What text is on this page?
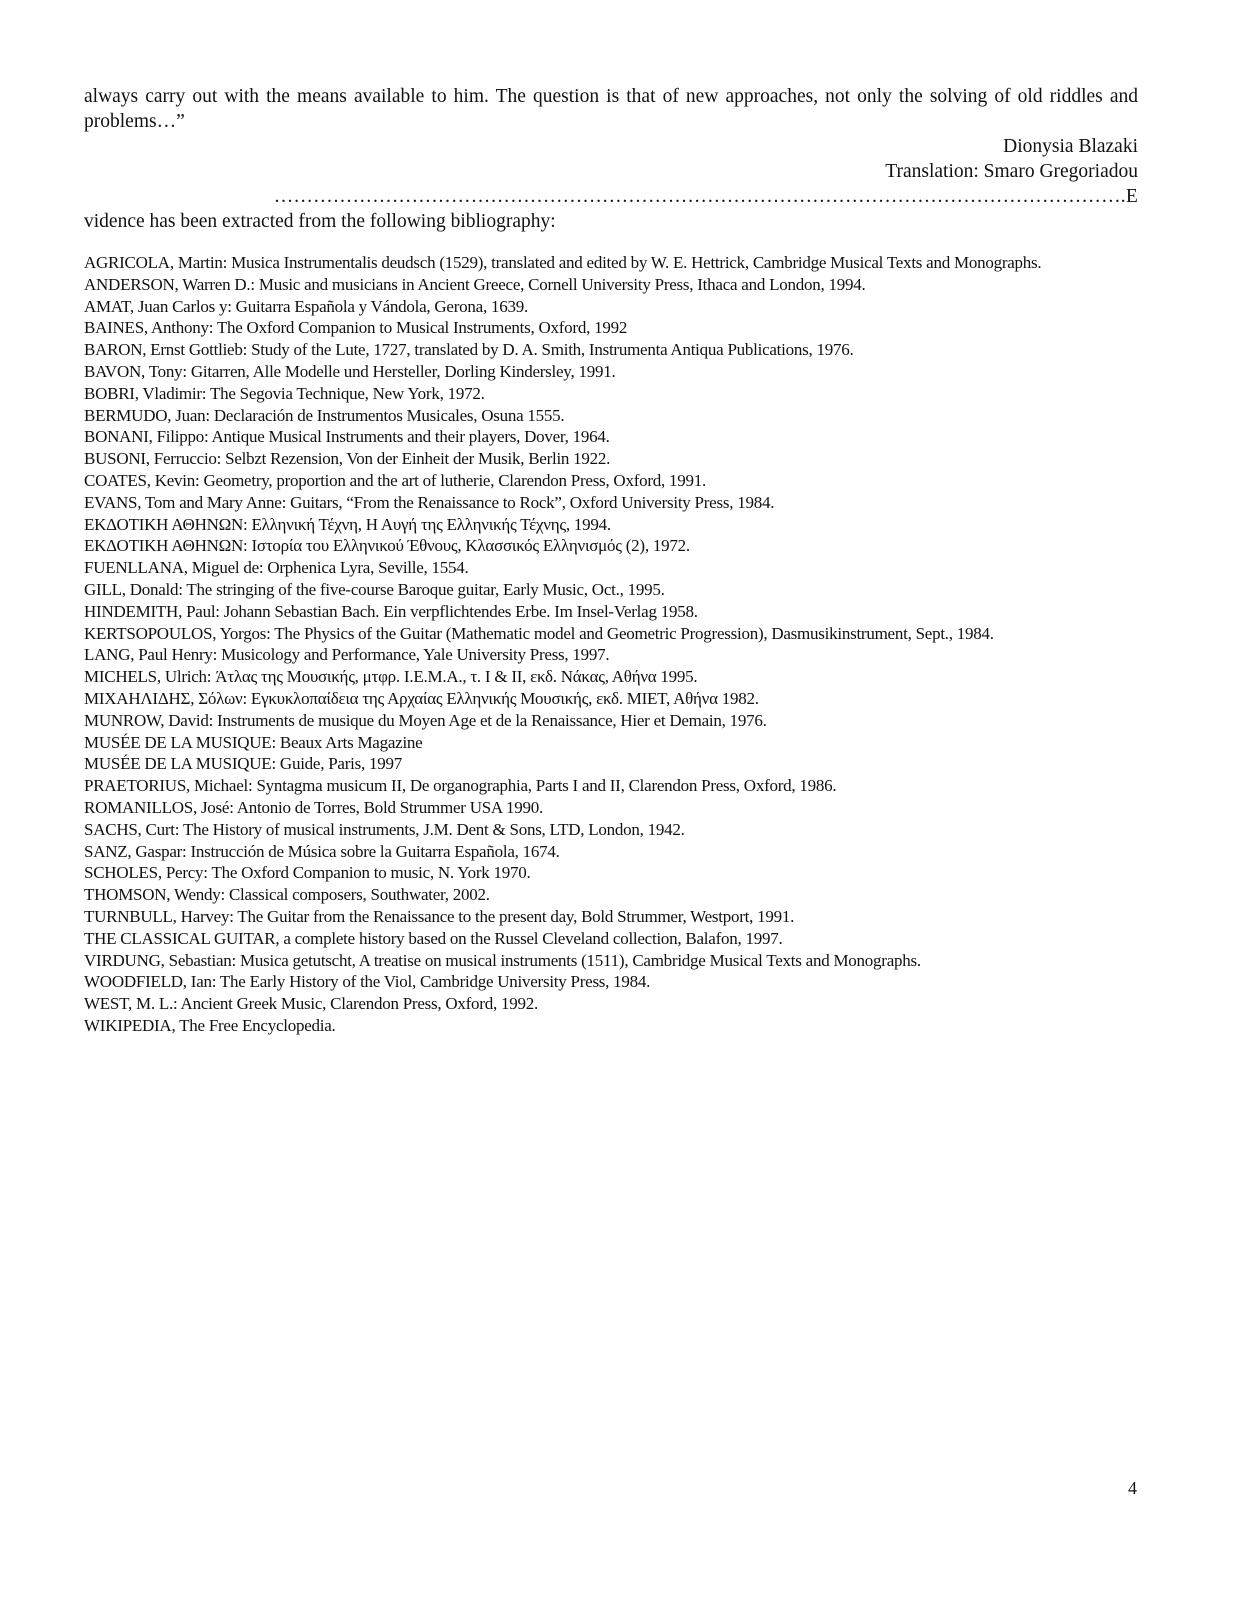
always carry out with the means available to him. The question is that of new approaches, not only the solving of old riddles and problems…”

Dionysia Blazaki

Translation: Smaro Gregoriadou

………………………………………………………………………………………………………………….E

vidence has been extracted from the following bibliography:

AGRICOLA, Martin: Musica Instrumentalis deudsch (1529), translated and edited by W. E. Hettrick, Cambridge Musical Texts and Monographs.
ANDERSON, Warren D.: Music and musicians in Ancient Greece, Cornell University Press, Ithaca and London, 1994.
AMAT, Juan Carlos y: Guitarra Española y Vándola, Gerona, 1639.
BAINES, Anthony: The Oxford Companion to Musical Instruments, Oxford, 1992
BARON, Ernst Gottlieb: Study of the Lute, 1727, translated by D. A. Smith, Instrumenta Antiqua Publications, 1976.
BAVON, Tony: Gitarren, Alle Modelle und Hersteller, Dorling Kindersley, 1991.
BOBRI, Vladimir: The Segovia Technique, New York, 1972.
BERMUDO, Juan: Declaración de Instrumentos Musicales, Osuna 1555.
BONANI, Filippo: Antique Musical Instruments and their players, Dover, 1964.
BUSONI, Ferruccio: Selbzt Rezension, Von der Einheit der Musik, Berlin 1922.
COATES, Kevin: Geometry, proportion and the art of lutherie, Clarendon Press, Oxford, 1991.
EVANS, Tom and Mary Anne: Guitars, “From the Renaissance to Rock”, Oxford University Press, 1984.
ΕΚΔΟΤΙΚΗ ΑΘΗΝΩΝ: Ελληνική Τέχνη, Η Αυγή της Ελληνικής Τέχνης, 1994.
ΕΚΔΟΤΙΚΗ ΑΘΗΝΩΝ: Ιστορία του Ελληνικού Έθνους, Κλασσικός Ελληνισμός (2), 1972.
FUENLLANA, Miguel de: Orphenica Lyra, Seville, 1554.
GILL, Donald: The stringing of the five-course Baroque guitar, Early Music, Oct., 1995.
HINDEMITH, Paul: Johann Sebastian Bach. Ein verpflichtendes Erbe. Im Insel-Verlag 1958.
KERTSOPOULOS, Yorgos: The Physics of the Guitar (Mathematic model and Geometric Progression), Dasmusikinstrument, Sept., 1984.
LANG, Paul Henry: Musicology and Performance, Yale University Press, 1997.
MICHELS, Ulrich: Άτλας της Μουσικής, μτφρ. Ι.Ε.Μ.Α., τ. Ι & ΙΙ, εκδ. Νάκας, Αθήνα 1995.
ΜΙΧΑΗΛΙΔΗΣ, Σόλων: Εγκυκλοπαίδεια της Αρχαίας Ελληνικής Μουσικής, εκδ. ΜΙΕΤ, Αθήνα 1982.
MUNROW, David: Instruments de musique du Moyen Age et de la Renaissance, Hier et Demain, 1976.
MUSÉE DE LA MUSIQUE: Beaux Arts Magazine
MUSÉE DE LA MUSIQUE: Guide, Paris, 1997
PRAETORIUS, Michael: Syntagma musicum II, De organographia, Parts I and II, Clarendon Press, Oxford, 1986.
ROMANILLOS, José: Antonio de Torres, Bold Strummer USA 1990.
SACHS, Curt: The History of musical instruments, J.M. Dent & Sons, LTD, London, 1942.
SANZ, Gaspar: Instrucción de Música sobre la Guitarra Española, 1674.
SCHOLES, Percy: The Oxford Companion to music, N. York 1970.
THOMSON, Wendy: Classical composers, Southwater, 2002.
TURNBULL, Harvey: The Guitar from the Renaissance to the present day, Bold Strummer, Westport, 1991.
THE CLASSICAL GUITAR, a complete history based on the Russel Cleveland collection, Balafon, 1997.
VIRDUNG, Sebastian: Musica getutscht, A treatise on musical instruments (1511), Cambridge Musical Texts and Monographs.
WOODFIELD, Ian: The Early History of the Viol, Cambridge University Press, 1984.
WEST, M. L.: Ancient Greek Music, Clarendon Press, Oxford, 1992.
WIKIPEDIA, The Free Encyclopedia.
4
